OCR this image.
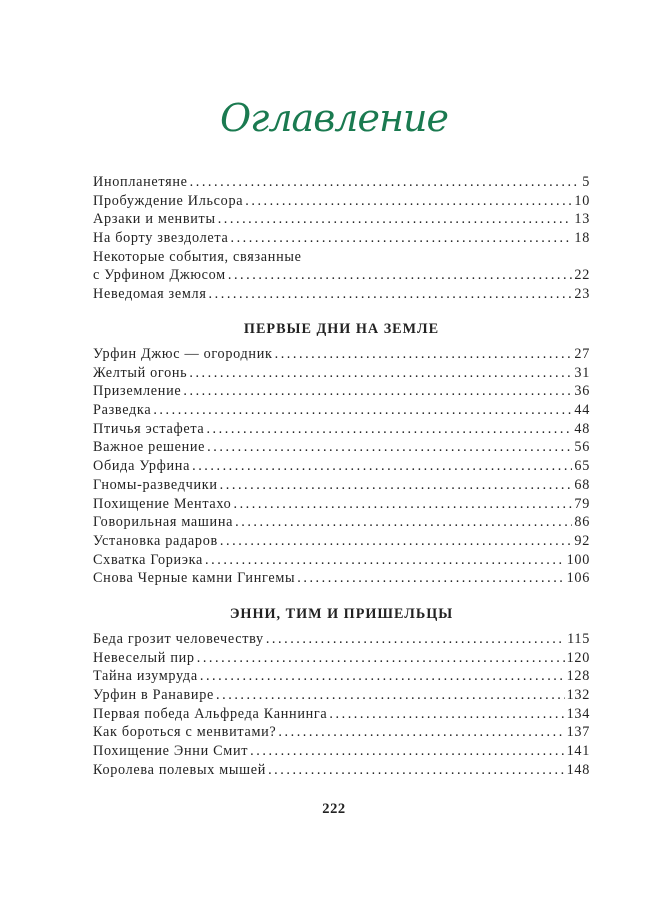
Оглавление
Инопланетяне . . .	5
Пробуждение Ильсора . . .	10
Арзаки и менвиты . . .	13
На борту звездолета . . .	18
Некоторые события, связанные
с Урфином Джюсом . . .	22
Неведомая земля . . .	23
ПЕРВЫЕ ДНИ НА ЗЕМЛЕ
Урфин Джюс — огородник . . .	27
Желтый огонь . . .	31
Приземление . . .	36
Разведка . . .	44
Птичья эстафета . . .	48
Важное решение . . .	56
Обида Урфина . . .	65
Гномы-разведчики . . .	68
Похищение Ментахо . . .	79
Говорильная машина . . .	86
Установка радаров . . .	92
Схватка Гориэка . . .	100
Снова Черные камни Гингемы . . .	106
ЭННИ, ТИМ И ПРИШЕЛЬЦЫ
Беда грозит человечеству . . .	115
Невеселый пир . . .	120
Тайна изумруда . . .	128
Урфин в Ранавире . . .	132
Первая победа Альфреда Каннинга . . .	134
Как бороться с менвитами? . . .	137
Похищение Энни Смит . . .	141
Королева полевых мышей . . .	148
222
